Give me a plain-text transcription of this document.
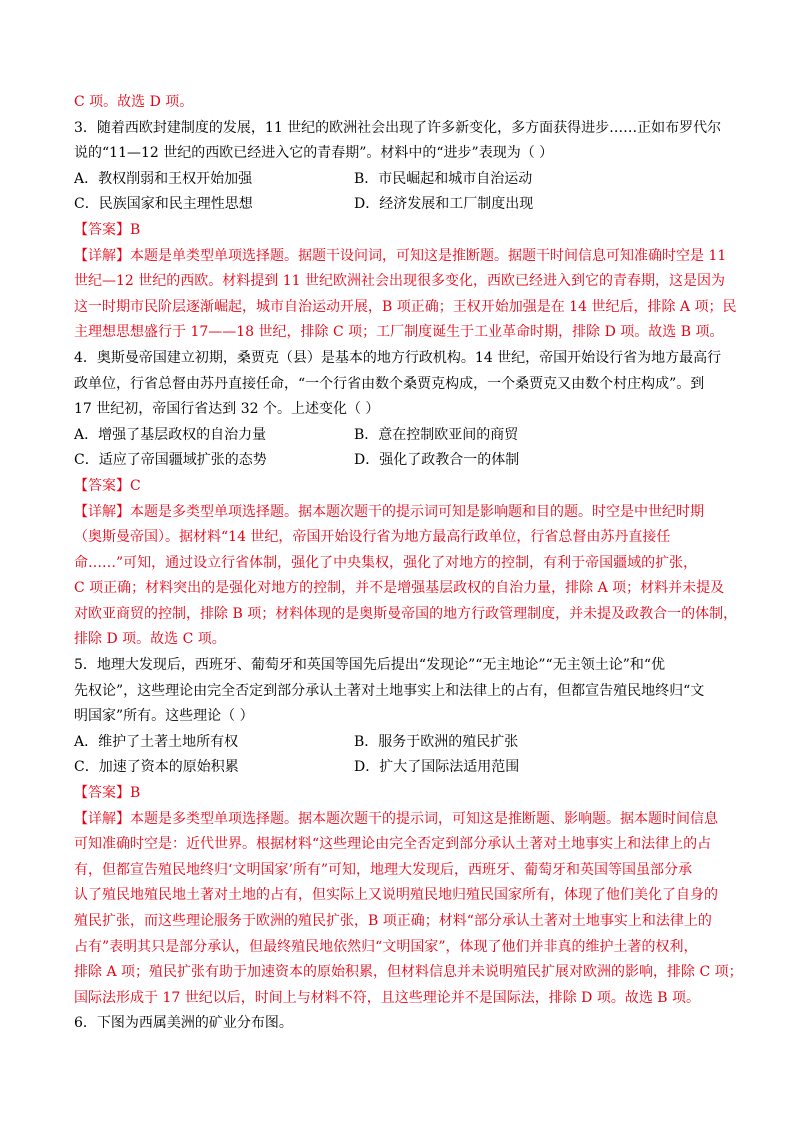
C 项。故选 D 项。
3．随着西欧封建制度的发展，11 世纪的欧洲社会出现了许多新变化，多方面获得进步……正如布罗代尔
说的“11—12 世纪的西欧已经进入它的青春期”。材料中的“进步”表现为（ ）
A．教权削弱和王权开始加强	B．市民崛起和城市自治运动
C．民族国家和民主理性思想	D．经济发展和工厂制度出现
【答案】B
【详解】本题是单类型单项选择题。据题干设问词，可知这是推断题。据题干时间信息可知准确时空是 11
世纪—12 世纪的西欧。材料提到 11 世纪欧洲社会出现很多变化，西欧已经进入到它的青春期，这是因为
这一时期市民阶层逐渐崛起，城市自治运动开展，B 项正确；王权开始加强是在 14 世纪后，排除 A 项；民
主理想思想盛行于 17——18 世纪，排除 C 项；工厂制度诞生于工业革命时期，排除 D 项。故选 B 项。
4．奥斯曼帝国建立初期，桑贾克（县）是基本的地方行政机构。14 世纪，帝国开始设行省为地方最高行
政单位，行省总督由苏丹直接任命，“一个行省由数个桑贾克构成，一个桑贾克又由数个村庄构成”。到
17 世纪初，帝国行省达到 32 个。上述变化（ ）
A．增强了基层政权的自治力量	B．意在控制欧亚间的商贸
C．适应了帝国疆域扩张的态势	D．强化了政教合一的体制
【答案】C
【详解】本题是多类型单项选择题。据本题次题干的提示词可知是影响题和目的题。时空是中世纪时期
（奥斯曼帝国）。据材料“14 世纪，帝国开始设行省为地方最高行政单位，行省总督由苏丹直接任
命……”可知，通过设立行省体制，强化了中央集权，强化了对地方的控制，有利于帝国疆域的扩张，
C 项正确；材料突出的是强化对地方的控制，并不是增强基层政权的自治力量，排除 A 项；材料并未提及
对欧亚商贸的控制，排除 B 项；材料体现的是奥斯曼帝国的地方行政管理制度，并未提及政教合一的体制，
排除 D 项。故选 C 项。
5．地理大发现后，西班牙、葡萄牙和英国等国先后提出“发现论”“无主地论”“无主领土论”和“优
先权论”，这些理论由完全否定到部分承认土著对土地事实上和法律上的占有，但都宣告殖民地终归“文
明国家”所有。这些理论（ ）
A．维护了土著土地所有权	B．服务于欧洲的殖民扩张
C．加速了资本的原始积累	D．扩大了国际法适用范围
【答案】B
【详解】本题是多类型单项选择题。据本题次题干的提示词，可知这是推断题、影响题。据本题时间信息
可知准确时空是：近代世界。根据材料“这些理论由完全否定到部分承认土著对土地事实上和法律上的占
有，但都宣告殖民地终归‘文明国家’所有”可知，地理大发现后，西班牙、葡萄牙和英国等国虽部分承
认了殖民地殖民地土著对土地的占有，但实际上又说明殖民地归殖民国家所有，体现了他们美化了自身的
殖民扩张，而这些理论服务于欧洲的殖民扩张，B 项正确；材料“部分承认土著对土地事实上和法律上的
占有”表明其只是部分承认，但最终殖民地依然归“文明国家”，体现了他们并非真的维护土著的权利，
排除 A 项；殖民扩张有助于加速资本的原始积累，但材料信息并未说明殖民扩展对欧洲的影响，排除 C 项；
国际法形成于 17 世纪以后，时间上与材料不符，且这些理论并不是国际法，排除 D 项。故选 B 项。
6．下图为西属美洲的矿业分布图。
